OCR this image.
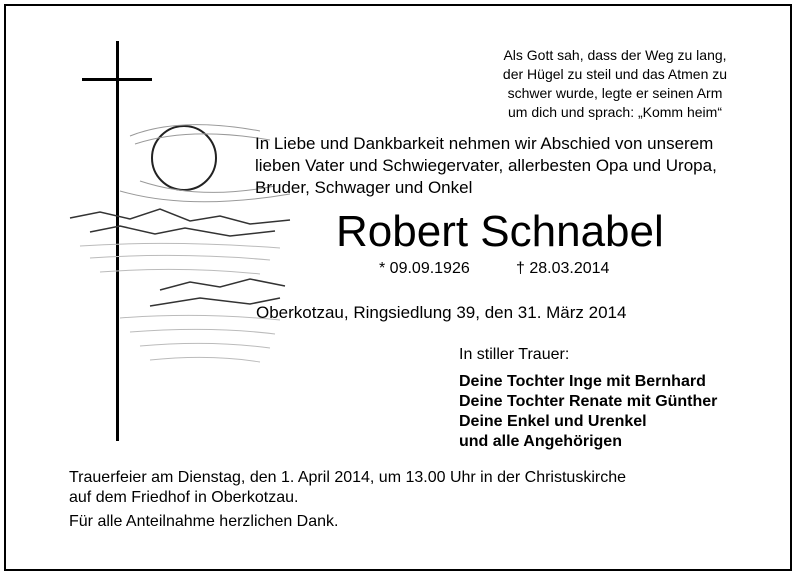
Als Gott sah, dass der Weg zu lang,
der Hügel zu steil und das Atmen zu
schwer wurde, legte er seinen Arm
um dich und sprach: „Komm heim“
In Liebe und Dankbarkeit nehmen wir Abschied von unserem
lieben Vater und Schwiegervater, allerbesten Opa und Uropa,
Bruder, Schwager und Onkel
Robert Schnabel
* 09.09.1926	† 28.03.2014
Oberkotzau, Ringsiedlung 39, den 31. März 2014
In stiller Trauer:
Deine Tochter Inge mit Bernhard
Deine Tochter Renate mit Günther
Deine Enkel und Urenkel
und alle Angehörigen
Trauerfeier am Dienstag, den 1. April 2014, um 13.00 Uhr in der Christuskirche
auf dem Friedhof in Oberkotzau.
Für alle Anteilnahme herzlichen Dank.
